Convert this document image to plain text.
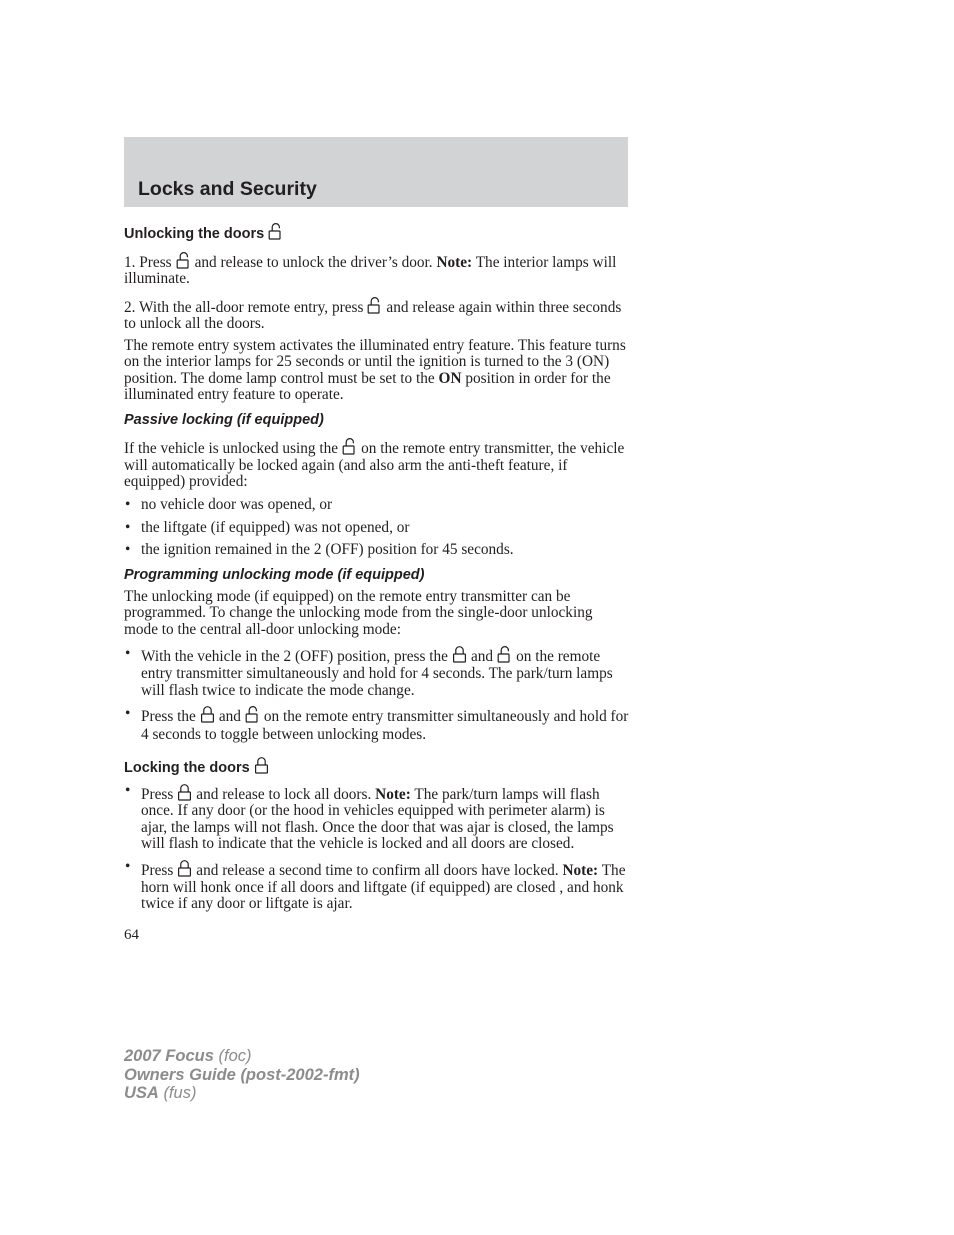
Locks and Security
Unlocking the doors

1. Press and release to unlock the driver’s door. Note: The interior lamps will illuminate.

2. With the all-door remote entry, press and release again within three seconds to unlock all the doors.

The remote entry system activates the illuminated entry feature. This feature turns on the interior lamps for 25 seconds or until the ignition is turned to the 3 (ON) position. The dome lamp control must be set to the ON position in order for the illuminated entry feature to operate.

Passive locking (if equipped)

If the vehicle is unlocked using the on the remote entry transmitter, the vehicle will automatically be locked again (and also arm the anti-theft feature, if equipped) provided:

• no vehicle door was opened, or
• the liftgate (if equipped) was not opened, or
• the ignition remained in the 2 (OFF) position for 45 seconds.
Programming unlocking mode (if equipped)

The unlocking mode (if equipped) on the remote entry transmitter can be programmed. To change the unlocking mode from the single-door unlocking mode to the central all-door unlocking mode:

• With the vehicle in the 2 (OFF) position, press the and on the remote entry transmitter simultaneously and hold for 4 seconds. The park/turn lamps will flash twice to indicate the mode change.
• Press the and on the remote entry transmitter simultaneously and hold for 4 seconds to toggle between unlocking modes.
Locking the doors
• Press and release to lock all doors. Note: The park/turn lamps will flash once. If any door (or the hood in vehicles equipped with perimeter alarm) is ajar, the lamps will not flash. Once the door that was ajar is closed, the lamps will flash to indicate that the vehicle is locked and all doors are closed.
• Press and release a second time to confirm all doors have locked. Note: The horn will honk once if all doors and liftgate (if equipped) are closed , and honk twice if any door or liftgate is ajar.
64
2007 Focus (foc)
Owners Guide (post-2002-fmt)
USA (fus)
